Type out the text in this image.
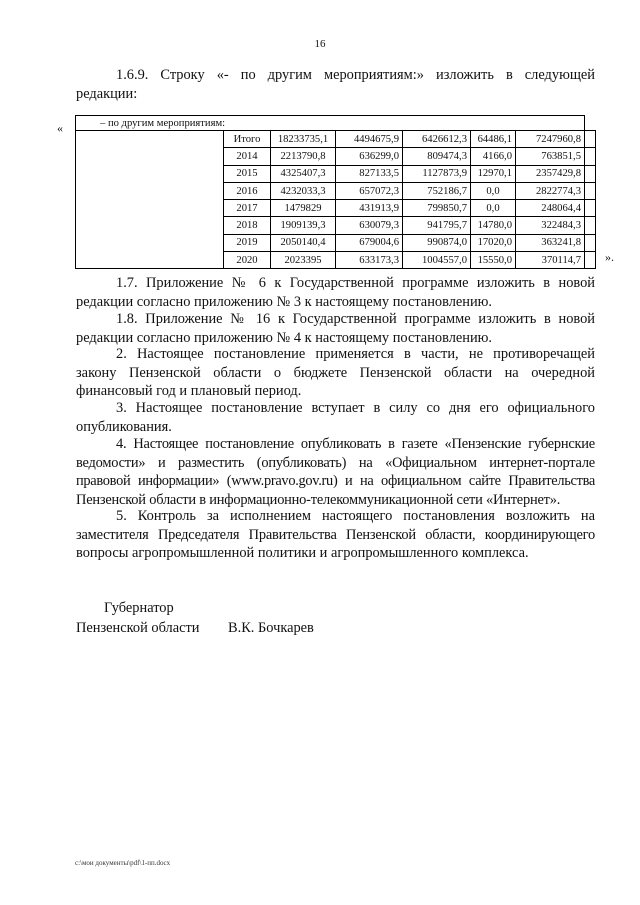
16
1.6.9. Строку «- по другим мероприятиям:» изложить в следующей
редакции:
«	– по другим мероприятиям:							
	Итого	18233735,1	4494675,9	6426612,3	64486,1	7247960,8	
	2014	2213790,8	636299,0	809474,3	4166,0	763851,5	
	2015	4325407,3	827133,5	1127873,9	12970,1	2357429,8	
	2016	4232033,3	657072,3	752186,7	0,0	2822774,3	
	2017	1479829	431913,9	799850,7	0,0	248064,4	
	2018	1909139,3	630079,3	941795,7	14780,0	322484,3	
	2019	2050140,4	679004,6	990874,0	17020,0	363241,8	
	2020	2023395	633173,3	1004557,0	15550,0	370114,7	».
1.7. Приложение № 6 к Государственной программе изложить в новой
редакции согласно приложению № 3 к настоящему постановлению.
1.8. Приложение № 16 к Государственной программе изложить в новой
редакции согласно приложению № 4 к настоящему постановлению.
2. Настоящее постановление применяется в части, не противоречащей
закону Пензенской области о бюджете Пензенской области на очередной
финансовый год и плановый период.
3. Настоящее постановление вступает в силу со дня его официального
опубликования.
4. Настоящее постановление опубликовать в газете «Пензенские губернские
ведомости» и разместить (опубликовать) на «Официальном интернет-портале
правовой информации» (www.pravo.gov.ru) и на официальном сайте Правительства
Пензенской области в информационно-телекоммуникационной сети «Интернет».
5. Контроль за исполнением настоящего постановления возложить на
заместителя Председателя Правительства Пензенской области, координирующего
вопросы агропромышленной политики и агропромышленного комплекса.
Губернатор
Пензенской области В.К. Бочкарев
c:\мои документы\pdf\1-пп.docx
